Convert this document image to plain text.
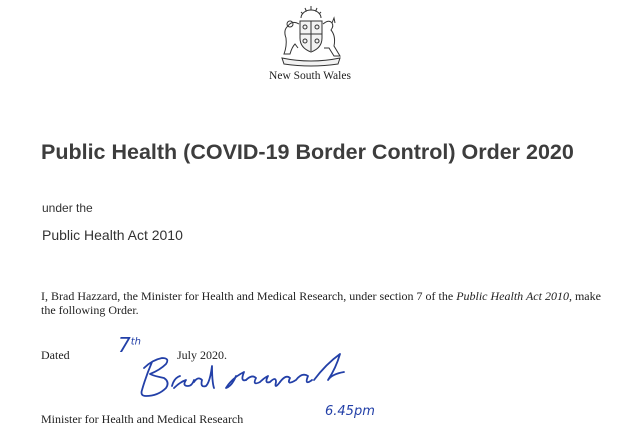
New South Wales
Public Health (COVID-19 Border Control) Order 2020
under the
Public Health Act 2010
I, Brad Hazzard, the Minister for Health and Medical Research, under section 7 of the Public Health Act 2010, make the following Order.
Dated 7th
July 2020.
6.45pm
Minister for Health and Medical Research
